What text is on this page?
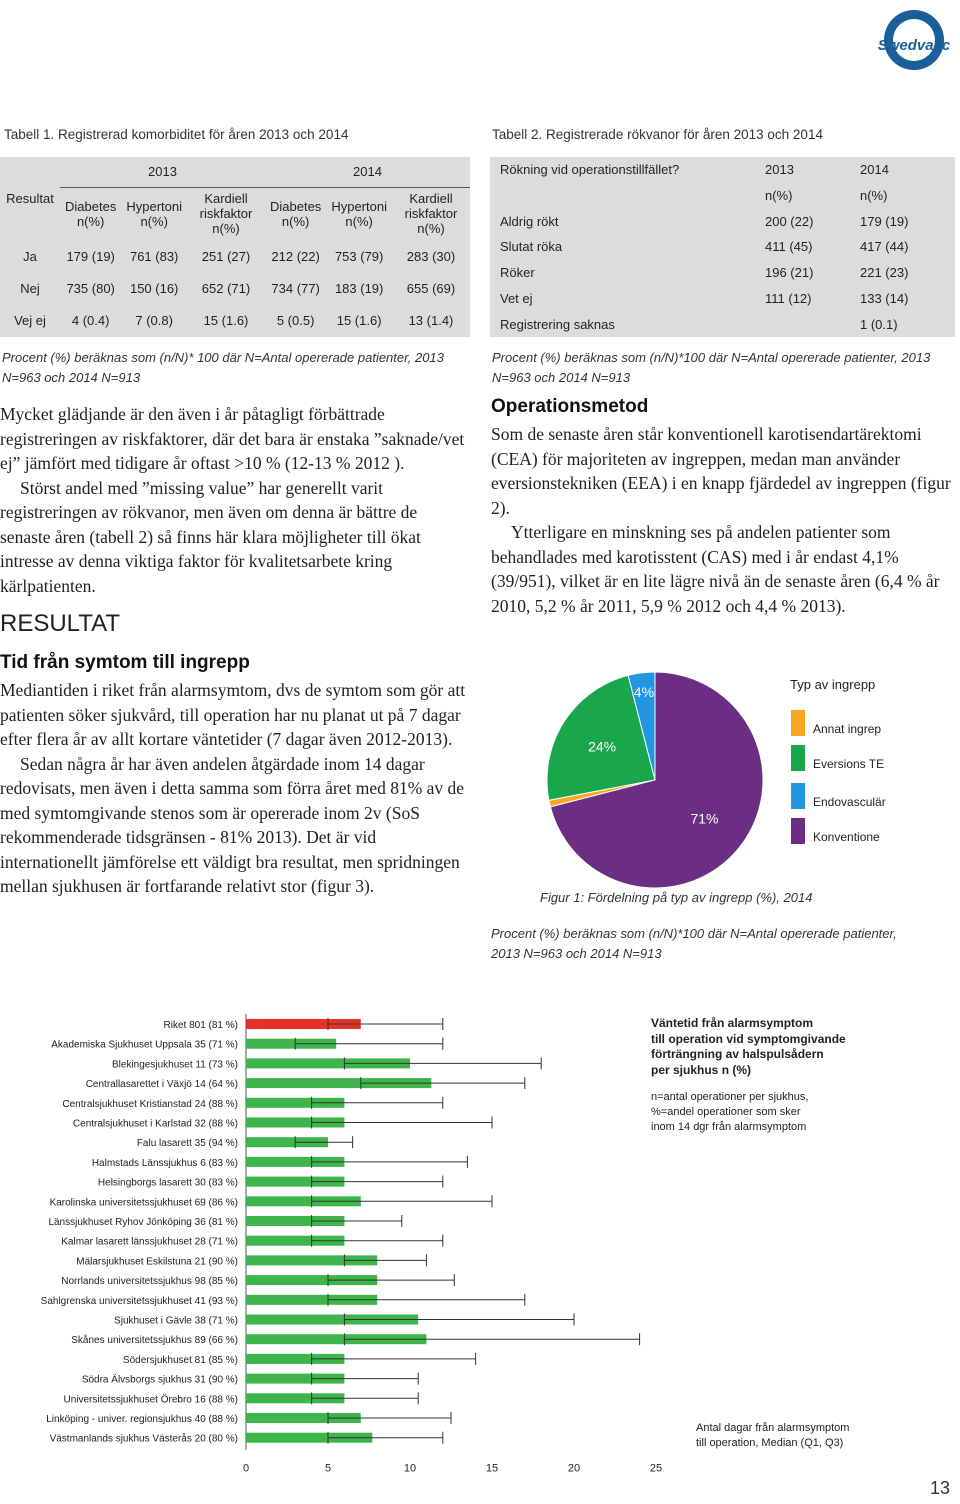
Vascular Registry in Sweden
Swedvasc
Tabell 1. Registrerad komorbiditet för åren 2013 och 2014
Resultat	2013			2014		
	Diabetes n(%)	Hypertoni n(%)	Kardiell riskfaktor n(%)	Diabetes n(%)	Hypertoni n(%)	Kardiell riskfaktor n(%)
Ja	179 (19)	761 (83)	251 (27)	212 (22)	753 (79)	283 (30)
Nej	735 (80)	150 (16)	652 (71)	734 (77)	183 (19)	655 (69)
Vej ej	4 (0.4)	7 (0.8)	15 (1.6)	5 (0.5)	15 (1.6)	13 (1.4)
Procent (%) beräknas som (n/N)* 100 där N=Antal opererade patienter, 2013 N=963 och 2014 N=913
Tabell 2. Registrerade rökvanor för åren 2013 och 2014
Rökning vid operationstillfället?	2013	2014
	n(%)	n(%)
Aldrig rökt	200 (22)	179 (19)
Slutat röka	411 (45)	417 (44)
Röker	196 (21)	221 (23)
Vet ej	111 (12)	133 (14)
Registrering saknas		1 (0.1)
Procent (%) beräknas som (n/N)*100 där N=Antal opererade patienter, 2013 N=963 och 2014 N=913

Mycket glädjande är den även i år påtagligt förbättrade registreringen av riskfaktorer, där det bara är enstaka ”saknade/vet ej” jämfört med tidigare år oftast >10 % (12-13 % 2012 ).

Störst andel med ”missing value” har generellt varit registreringen av rökvanor, men även om denna är bättre de senaste åren (tabell 2) så finns här klara möjligheter till ökat intresse av denna viktiga faktor för kvalitetsarbete kring kärlpatienten.

RESULTAT
Tid från symtom till ingrepp

Mediantiden i riket från alarmsymtom, dvs de symtom som gör att patienten söker sjukvård, till operation har nu planat ut på 7 dagar efter flera år av allt kortare väntetider (7 dagar även 2012-2013).

Sedan några år har även andelen åtgärdade inom 14 dagar redovisats, men även i detta samma som förra året med 81% av de med symtomgivande stenos som är opererade inom 2v (SoS rekommenderade tidsgränsen - 81% 2013). Det är vid internationellt jämförelse ett väldigt bra resultat, men spridningen mellan sjukhusen är fortfarande relativt stor (figur 3).

Operationsmetod

Som de senaste åren står konventionell karotisendartärektomi (CEA) för majoriteten av ingreppen, medan man använder eversionstekniken (EEA) i en knapp fjärdedel av ingreppen (figur 2).

Ytterligare en minskning ses på andelen patienter som behandlades med karotisstent (CAS) med i år endast 4,1% (39/951), vilket är en lite lägre nivå än de senaste åren (6,4 % år 2010, 5,2 % år 2011, 5,9 % 2012 och 4,4 % 2013).

24%
4%
71%
Typ av ingrepp
Annat ingrep
Eversions TE
Endovasculär
Konventione
Figur 1: Fördelning på typ av ingrepp (%), 2014
Procent (%) beräknas som (n/N)*100 där N=Antal opererade patienter, 2013 N=963 och 2014 N=913
0	5	10	15	20	25
Riket 801 (81 %)
Akademiska Sjukhuset Uppsala 35 (71 %)
Blekingesjukhuset 11 (73 %)
Centrallasarettet i Växjö 14 (64 %)
Centralsjukhuset Kristianstad 24 (88 %)
Centralsjukhuset i Karlstad 32 (88 %)
Falu lasarett 35 (94 %)
Halmstads Länssjukhus 6 (83 %)
Helsingborgs lasarett 30 (83 %)
Karolinska universitetssjukhuset 69 (86 %)
Länssjukhuset Ryhov Jönköping 36 (81 %)
Kalmar lasarett länssjukhuset 28 (71 %)
Mälarsjukhuset Eskilstuna 21 (90 %)
Norrlands universitetssjukhus 98 (85 %)
Sahlgrenska universitetssjukhuset 41 (93 %)
Sjukhuset i Gävle 38 (71 %)
Skånes universitetssjukhus 89 (66 %)
Södersjukhuset 81 (85 %)
Södra Älvsborgs sjukhus 31 (90 %)
Universitetssjukhuset Örebro 16 (88 %)
Linköping - univer. regionsjukhus 40 (88 %)
Västmanlands sjukhus Västerås 20 (80 %)
Väntetid från alarmsymptom
till operation vid symptomgivande
förträngning av halspulsådern
per sjukhus n (%)
n=antal operationer per sjukhus,
%=andel operationer som sker
inom 14 dgr från alarmsymptom
Antal dagar från alarmsymptom
till operation, Median (Q1, Q3)
13
